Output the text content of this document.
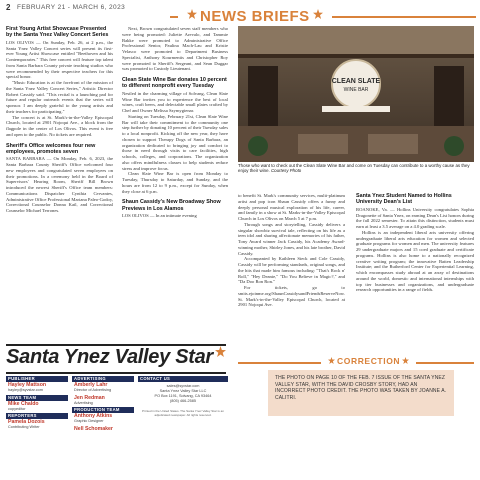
2 FEBRUARY 21 - MARCH 6, 2023
NEWS BRIEFS
First Young Artist Showcase Presented by the Santa Ynez Valley Concert Series

LOS OLIVOS — On Sunday, Feb. 26, at 2 p.m., the Santa Ynez Valley Concert series will present its first-ever Young Artist Showcase entitled "Beethoven and his Contemporaries." This free concert will feature top talent from Santa Barbara County private teaching studios who were recommended by their respective teachers for this special honor.

"Music Education is at the forefront of the mission of the Santa Ynez Valley Concert Series," Artistic Director Robert Cassidy said. "This recital is a launching pad for future and regular outreach events that the series will sponsor. I am deeply grateful to the young artists and their teachers for participating."

The concert is at St. Mark's-in-the-Valley Episcopal Church, located at 2901 Nojoqui Ave., a block from the flagpole in the center of Los Olivos. This event is free and open to the public. No tickets are required.

Sheriff's Office welcomes four new employees, promotes seven

SANTA BARBARA — On Monday, Feb. 6, 2023, the Santa Barbara County Sheriff's Office welcomed four new employees and congratulated seven employees on their promotions. In a ceremony held in the Board of Supervisors' Hearing Room, Sheriff Bill Brown introduced the newest Sheriff's Office team members: Communications Dispatcher Cynthia Cervantes, Administrative Office Professional Mariana Paleo-Godoy, Correctional Counselor Donna Kail, and Correctional Counselor Michael Terrones.

Next, Brown congratulated seven staff members who were being promoted: Juliette Arevalo, and Tammie Bakke were promoted to Administrative Office Professional Senior, Paulina Mach-Lau and Kristie Velasco were promoted to Department Business Specialist, Anthony Kourmentis and Christopher Roy were promoted to Sheriff's Sergeant, and Sean Duggar was promoted to Custody Lieutenant.

Clean State Wine Bar donates 10 percent to different nonprofit every Tuesday

Nestled in the charming village of Solvang, Clean Slate Wine Bar invites you to experience the best of local wines, craft beers, and delectable small plates crafted by Chef and Owner Melissa Szymygienar.

Starting on Tuesday, February 21st, Clean Slate Wine Bar will take their commitment to the community one step further by donating 10 percent of their Tuesday sales to a local nonprofit. Kicking off the new year, they have chosen to support Therapy Dogs of Santa Barbara, an organization dedicated to bringing joy and comfort to those in need through visits to care facilities, high schools, colleges, and corporations. The organization also offers mindfulness classes to help students reduce stress and improve focus.

Clean Slate Wine Bar is open from Monday to Tuesday, Thursday to Saturday, and Sunday, and the hours are from 12 to 9 p.m., except for Sunday, when they close at 6 p.m.

Shaun Cassidy's New Broadway Show Previews in Los Alamos

LOS OLIVOS — In an intimate evening

CLEAN SLATE
WINE BAR
Those who want to check out the Clean Slate Wine Bar and come on Tuesday can contribute to a worthy cause as they enjoy their wine. Courtesy Photo

to benefit St. Mark's community services, multi-platinum artist and pop icon Shaun Cassidy offers a funny and deeply personal musical exploration of his life, career, and family in a show at St. Marks-in-the-Valley Episcopal Church in Los Olivos on March 5 at 7 p.m.

Through songs and storytelling, Cassidy delivers a singular showbiz survival tale, reflecting on his life as a teen idol and sharing affectionate memories of his father, Tony Award winner Jack Cassidy, his Academy Award-winning mother, Shirley Jones, and his late brother, David Cassidy.

Accompanied by Kathleen Sieck and Cole Cassidy, Cassidy will be performing standards, original songs, and the hits that made him famous including: "That's Rock n' Roll," "Hey Deanie," "Do You Believe in Magic?," and "Da Doo Ron Ron."

For tickets, go to smits.ejoinme.org/ShaunCassidysandFriendsReserveNow. St. Mark's-in-the-Valley Episcopal Church, located at 2901 Nojoqui Ave.

Santa Ynez Student Named to Hollins University Dean's List

ROANOKE, Va. — Hollins University congratulates Sophia Dragonette of Santa Ynez, on earning Dean's List honors during the fall 2022 semester. To attain this distinction, students must earn at least a 3.5 average on a 4.0 grading scale.

Hollins is an independent liberal arts university offering undergraduate liberal arts education for women and selected graduate programs for women and men. The university features 29 undergraduate majors and 15 coed graduate and certificate programs. Hollins is also home to a nationally recognized creative writing program; the innovative Batten Leadership Institute; and the Rutherford Center for Experiential Learning, which encompasses study abroad at an array of destinations around the world, domestic and international internships with top tier businesses and organizations, and undergraduate research opportunities in a range of fields.

Santa Ynez Valley Star
PUBLISHER
Hayley Mattson
hayley@syvstar.com
NEWS TEAM
Mike Chaldo
copyeditor
REPORTERS
Pamela Dozois
Contributing Writer
ADVERTISING
Amberly Lahr
Director of Advertising
Jen Redman
Advertising
PRODUCTION TEAM
Anthony Atkins
Graphic Designer
Nell Schomaker
CONTACT US
sales@syvstar.com
Santa Ynez Valley Star LLC
PO Box 1191, Solvang, CA 93464
(805) 466-2585
Printed in the United States. The Santa Ynez Valley Star is an adjudicated newspaper. All rights reserved.
CORRECTION
THE PHOTO ON PAGE 10 OF THE FEB. 7 ISSUE OF THE SANTA YNEZ VALLEY STAR, WITH THE DAVID CROSBY STORY, HAD AN INCORRECT PHOTO CREDIT. THE PHOTO WAS TAKEN BY JOANNE A. CALITRI.
